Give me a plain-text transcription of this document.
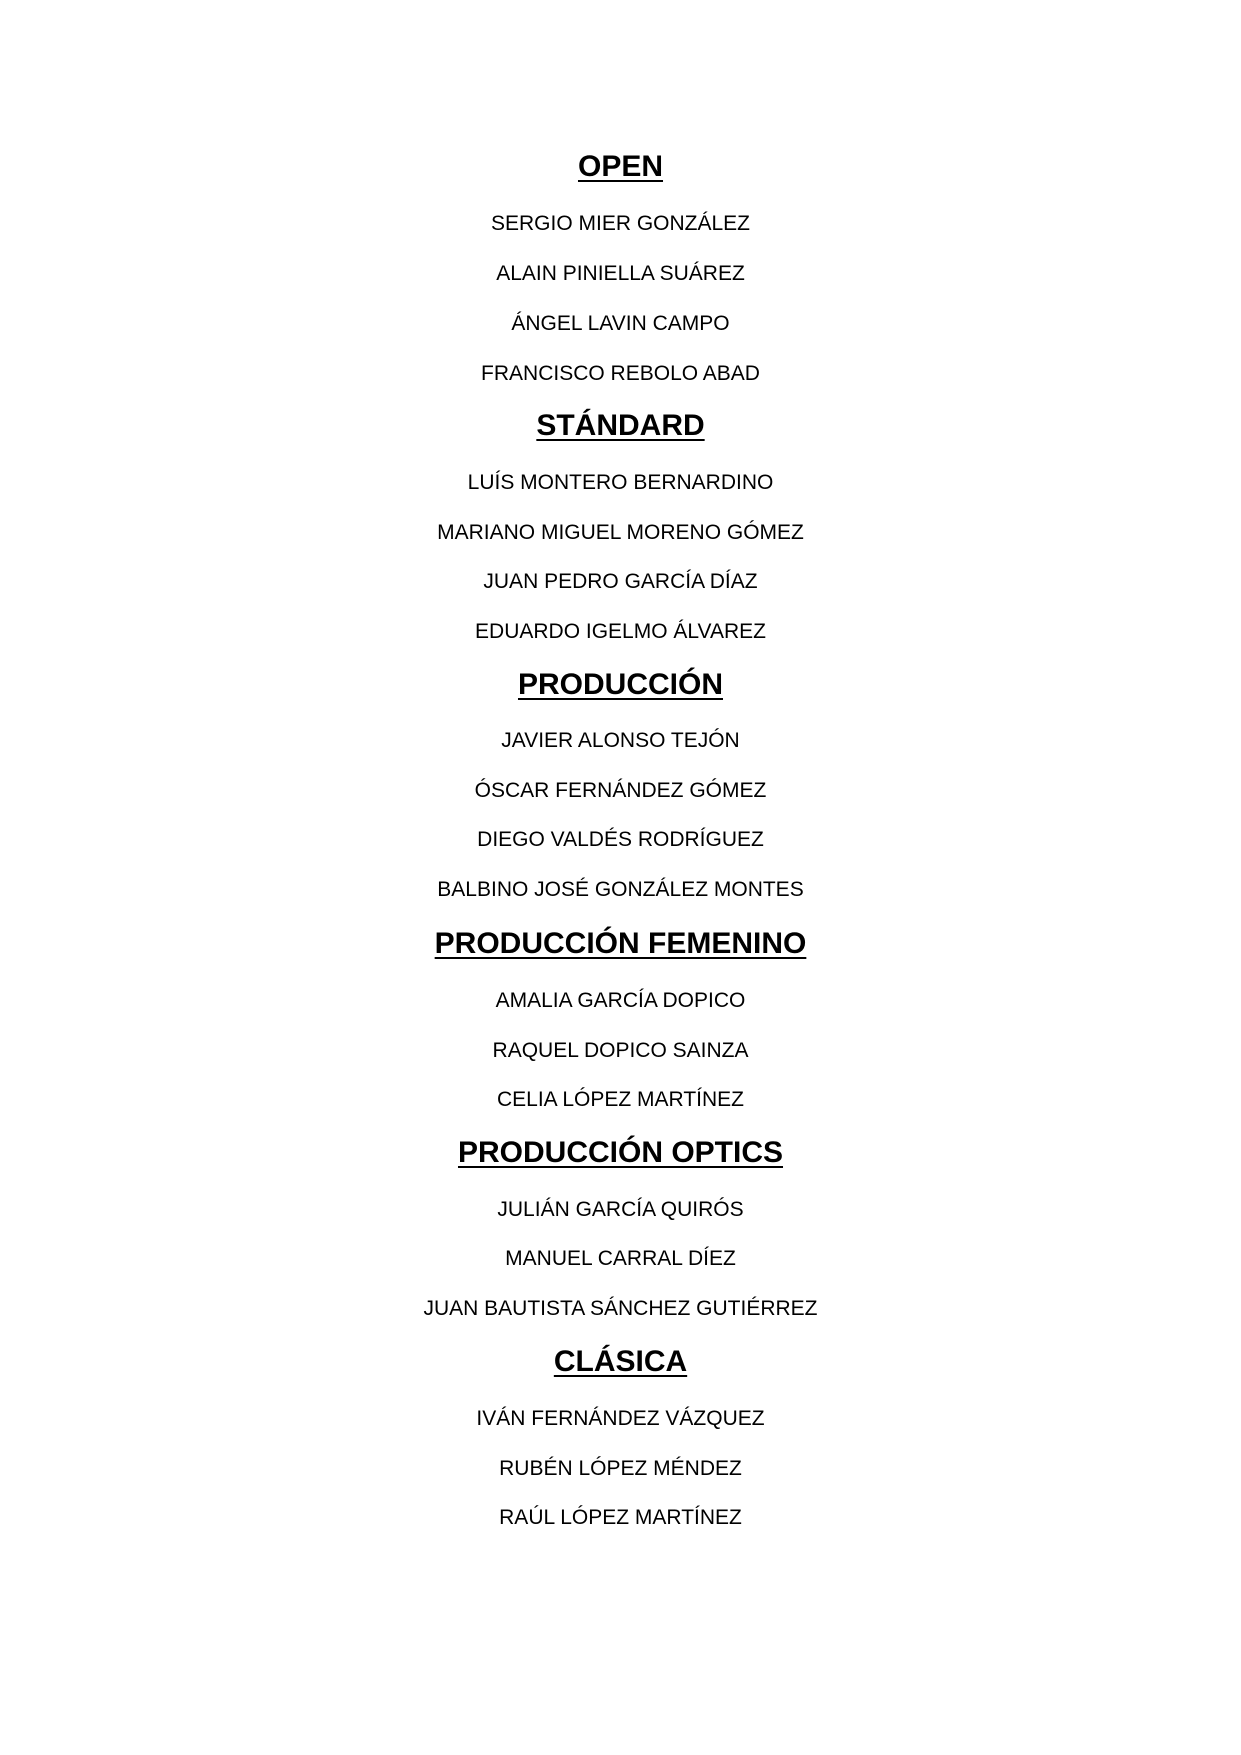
OPEN
SERGIO MIER GONZÁLEZ
ALAIN PINIELLA SUÁREZ
ÁNGEL LAVIN CAMPO
FRANCISCO REBOLO ABAD
STÁNDARD
LUÍS MONTERO BERNARDINO
MARIANO MIGUEL MORENO GÓMEZ
JUAN PEDRO GARCÍA DÍAZ
EDUARDO IGELMO ÁLVAREZ
PRODUCCIÓN
JAVIER ALONSO TEJÓN
ÓSCAR FERNÁNDEZ GÓMEZ
DIEGO VALDÉS RODRÍGUEZ
BALBINO JOSÉ GONZÁLEZ MONTES
PRODUCCIÓN FEMENINO
AMALIA GARCÍA DOPICO
RAQUEL DOPICO SAINZA
CELIA LÓPEZ MARTÍNEZ
PRODUCCIÓN OPTICS
JULIÁN GARCÍA QUIRÓS
MANUEL CARRAL DÍEZ
JUAN BAUTISTA SÁNCHEZ GUTIÉRREZ
CLÁSICA
IVÁN FERNÁNDEZ VÁZQUEZ
RUBÉN LÓPEZ MÉNDEZ
RAÚL LÓPEZ MARTÍNEZ
